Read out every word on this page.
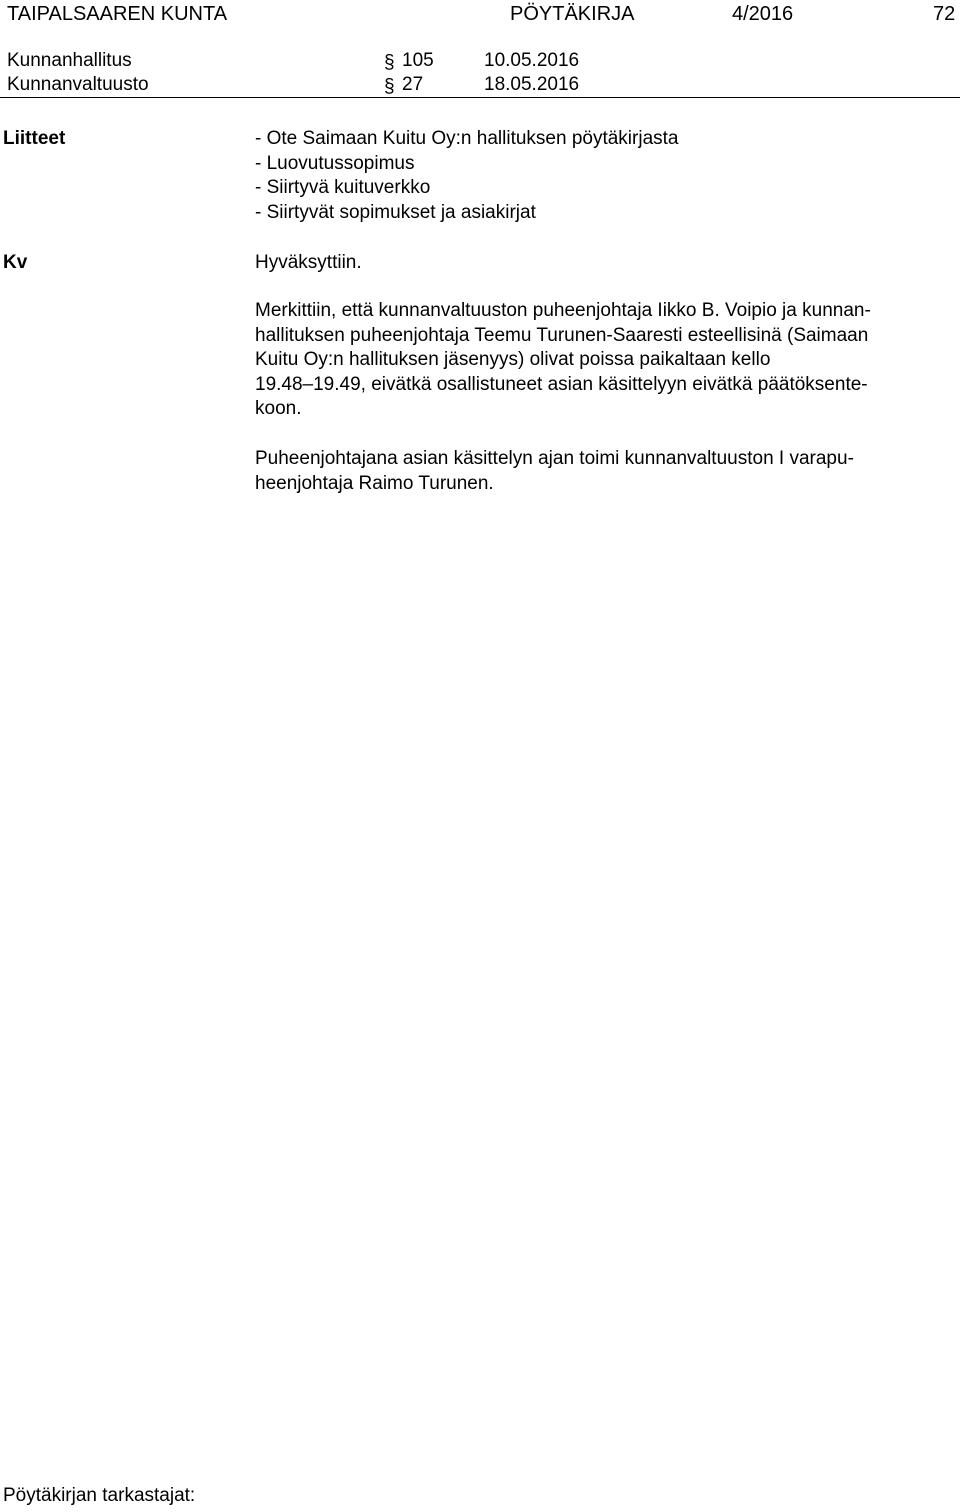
TAIPALSAAREN KUNTA	PÖYTÄKIRJA	4/2016	72
Kunnanhallitus	§ 105	10.05.2016
Kunnanvaltuusto	§ 27	18.05.2016
Liitteet	- Ote Saimaan Kuitu Oy:n hallituksen pöytäkirjasta
- Luovutussopimus
- Siirtyvä kuituverkko
- Siirtyvät sopimukset ja asiakirjat
Kv	Hyväksyttiin.
Merkittiin, että kunnanvaltuuston puheenjohtaja Iikko B. Voipio ja kunnan-
hallituksen puheenjohtaja Teemu Turunen-Saaresti esteellisinä (Saimaan
Kuitu Oy:n hallituksen jäsenyys) olivat poissa paikaltaan kello
19.48–19.49, eivätkä osallistuneet asian käsittelyyn eivätkä päätöksente-
koon.
Puheenjohtajana asian käsittelyn ajan toimi kunnanvaltuuston I varapu-
heenjohtaja Raimo Turunen.
Pöytäkirjan tarkastajat:
